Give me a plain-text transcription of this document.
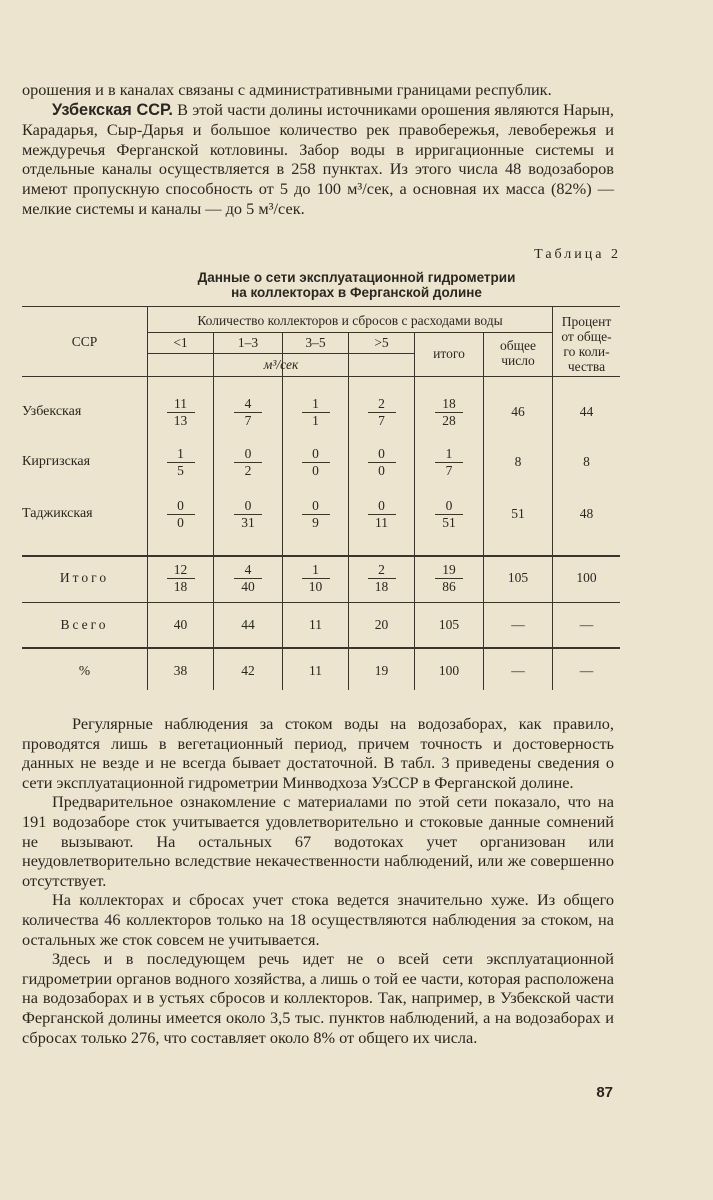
орошения и в каналах связаны с административными границами республик.

Узбекская ССР. В этой части долины источниками орошения являются Нарын, Карадарья, Сыр-Дарья и большое количество рек правобережья, левобережья и междуречья Ферганской котловины. Забор воды в ирригационные системы и отдельные каналы осуществляется в 258 пунктах. Из этого числа 48 водозаборов имеют пропускную способность от 5 до 100 м³/сек, а основная их масса (82%) — мелкие системы и каналы — до 5 м³/сек.

Таблица 2
Данные о сети эксплуатационной гидрометрии
на коллекторах в Ферганской долине
ССР
Количество коллекторов и сбросов с расходами воды
<1	1–3	3–5	>5
м³/сек
итого
общее
число
Процент
от обще-
го коли-
чества
Узбекская	$\frac{11}{13}$	$\frac{4}{7}$	$\frac{1}{1}$	$\frac{2}{7}$	$\frac{18}{28}$	46	44
Киргизская	$\frac{1}{5}$	$\frac{0}{2}$	$\frac{0}{0}$	$\frac{0}{0}$	$\frac{1}{7}$	8	8
Таджикская	$\frac{0}{0}$	$\frac{0}{31}$	$\frac{0}{9}$	$\frac{0}{11}$	$\frac{0}{51}$	51	48
Итого	$\frac{12}{18}$	$\frac{4}{40}$	$\frac{1}{10}$	$\frac{2}{18}$	$\frac{19}{86}$	105	100
Всего	40	44	11	20	105	—	—
%	38	42	11	19	100	—	—

Регулярные наблюдения за стоком воды на водозаборах, как правило, проводятся лишь в вегетационный период, причем точность и достоверность данных не везде и не всегда бывает достаточной. В табл. 3 приведены сведения о сети эксплуатационной гидрометрии Минводхоза УзССР в Ферганской долине.

Предварительное ознакомление с материалами по этой сети показало, что на 191 водозаборе сток учитывается удовлетворительно и стоковые данные сомнений не вызывают. На остальных 67 водотоках учет организован или неудовлетворительно вследствие некачественности наблюдений, или же совершенно отсутствует.

На коллекторах и сбросах учет стока ведется значительно хуже. Из общего количества 46 коллекторов только на 18 осуществляются наблюдения за стоком, на остальных же сток совсем не учитывается.

Здесь и в последующем речь идет не о всей сети эксплуатационной гидрометрии органов водного хозяйства, а лишь о той ее части, которая расположена на водозаборах и в устьях сбросов и коллекторов. Так, например, в Узбекской части Ферганской долины имеется около 3,5 тыс. пунктов наблюдений, а на водозаборах и сбросах только 276, что составляет около 8% от общего их числа.

87
